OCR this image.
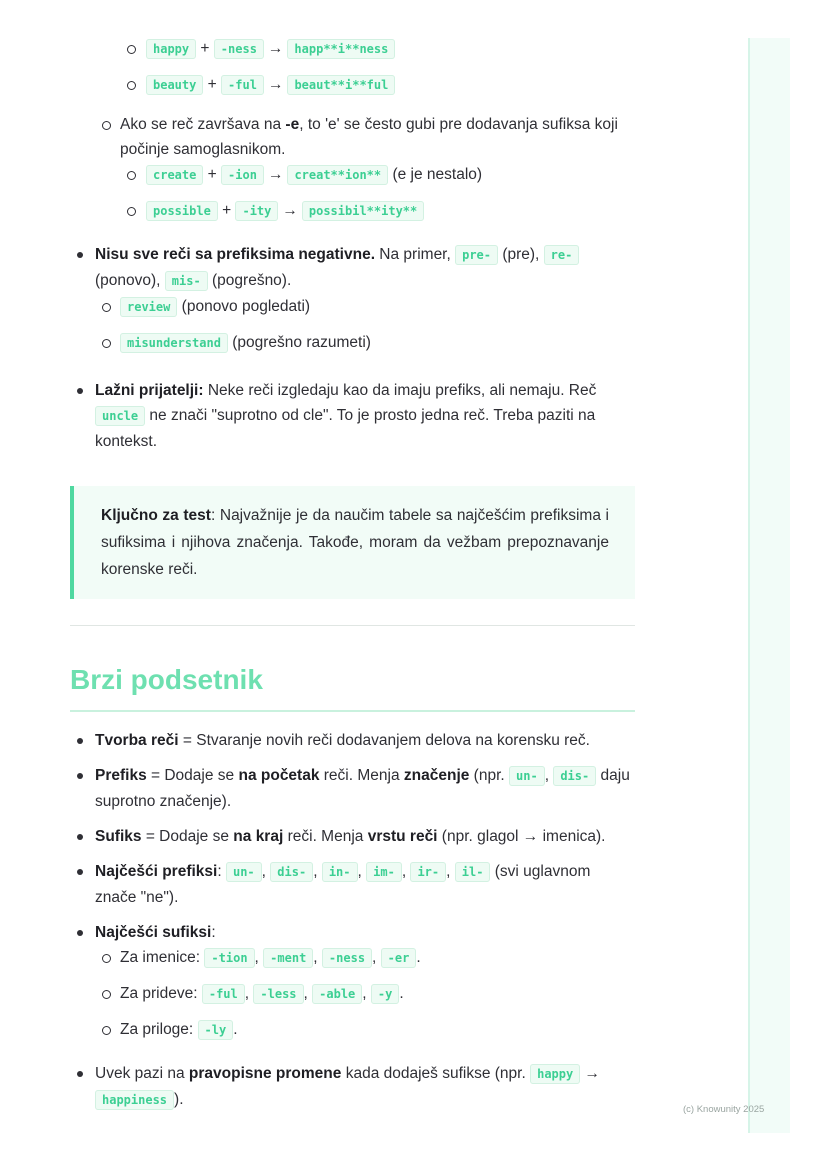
happy + -ness → happ**i**ness
beauty + -ful → beaut**i**ful
Ako se reč završava na -e, to 'e' se često gubi pre dodavanja sufiksa koji počinje samoglasnikom.
create + -ion → creat**ion** (e je nestalo)
possible + -ity → possibil**ity**
Nisu sve reči sa prefiksima negativne. Na primer, pre- (pre), re- (ponovo), mis- (pogrešno).
review (ponovo pogledati)
misunderstand (pogrešno razumeti)
Lažni prijatelji: Neke reči izgledaju kao da imaju prefiks, ali nemaju. Reč uncle ne znači "suprotno od cle". To je prosto jedna reč. Treba paziti na kontekst.
Ključno za test: Najvažnije je da naučim tabele sa najčešćim prefiksima i sufiksima i njihova značenja. Takođe, moram da vežbam prepoznavanje korenske reči.
Brzi podsetnik
Tvorba reči = Stvaranje novih reči dodavanjem delova na korensku reč.
Prefiks = Dodaje se na početak reči. Menja značenje (npr. un- , dis- daju suprotno značenje).
Sufiks = Dodaje se na kraj reči. Menja vrstu reči (npr. glagol → imenica).
Najčešći prefiksi: un- , dis- , in- , im- , ir- , il- (svi uglavnom znače "ne").
Najčešći sufiksi:
Za imenice: -tion , -ment , -ness , -er .
Za prideve: -ful , -less , -able , -y .
Za priloge: -ly .
Uvek pazi na pravopisne promene kada dodaješ sufikse (npr. happy → happiness ).
(c) Knowunity 2025
